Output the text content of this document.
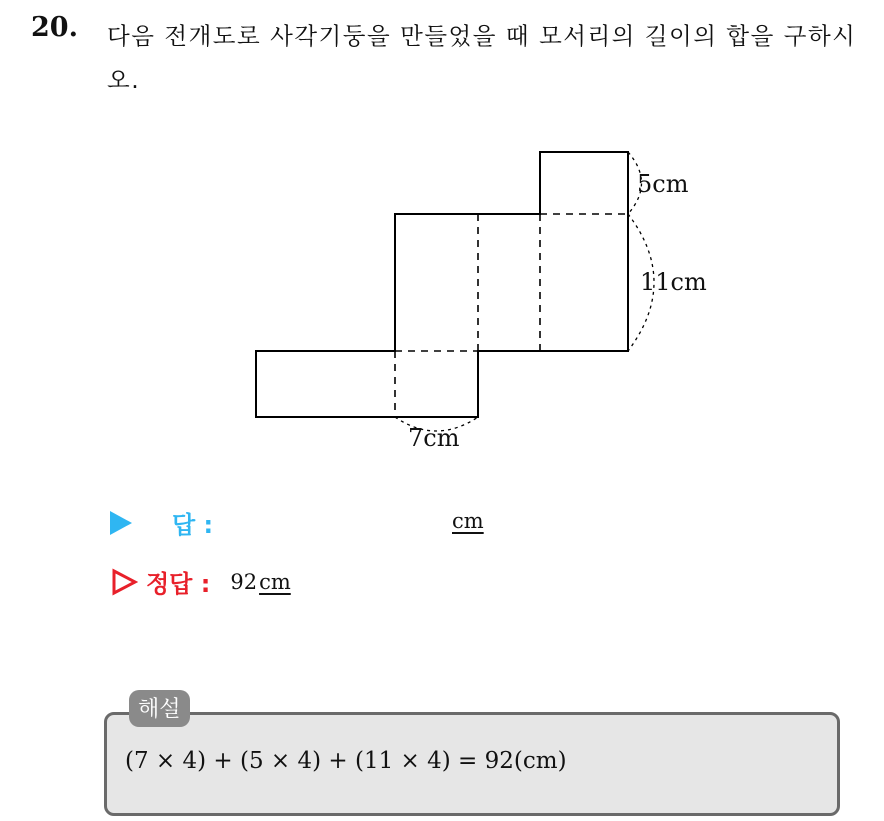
20. 다음 전개도로 사각기둥을 만들었을 때 모서리의 길이의 합을 구하시오.
5cm
11cm
7cm
답 :	cm
정답 : 92 cm
해설
(7 × 4) + (5 × 4) + (11 × 4) = 92(cm)
